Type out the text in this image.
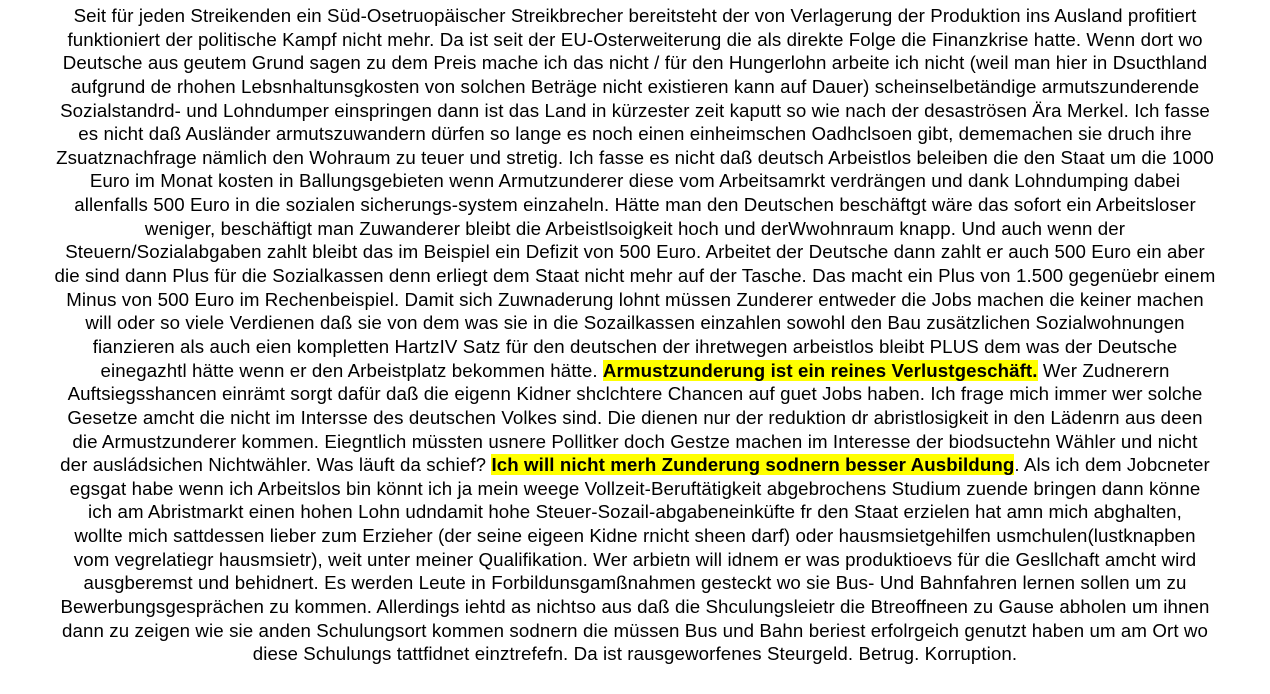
Seit für jeden Streikenden ein Süd-Osetruopäischer Streikbrecher bereitsteht der von Verlagerung der Produktion ins Ausland profitiert
funktioniert der politische Kampf nicht mehr. Da ist seit der EU-Osterweiterung die als direkte Folge die Finanzkrise hatte. Wenn dort wo
Deutsche aus geutem Grund sagen zu dem Preis mache ich das nicht / für den Hungerlohn arbeite ich nicht (weil man hier in Dsucthland
aufgrund de rhohen Lebsnhaltunsgkosten von solchen Beträge nicht existieren kann auf Dauer) scheinselbetändige armutszunderende
Sozialstandrd- und Lohndumper einspringen dann ist das Land in kürzester zeit kaputt so wie nach der desaströsen Ära Merkel. Ich fasse
es nicht daß Ausländer armutszuwandern dürfen so lange es noch einen einheimschen Oadhclsoen gibt, dememachen sie druch ihre
Zsuatznachfrage nämlich den Wohraum zu teuer und stretig. Ich fasse es nicht daß deutsch Arbeistlos beleiben die den Staat um die 1000
Euro im Monat kosten in Ballungsgebieten wenn Armutzunderer diese vom Arbeitsamrkt verdrängen und dank Lohndumping dabei
allenfalls 500 Euro in die sozialen sicherungs-system einzaheln. Hätte man den Deutschen beschäftgt wäre das sofort ein Arbeitsloser
weniger, beschäftigt man Zuwanderer bleibt die Arbeistlsoigkeit hoch und derWwohnraum knapp. Und auch wenn der
Steuern/Sozialabgaben zahlt bleibt das im Beispiel ein Defizit von 500 Euro. Arbeitet der Deutsche dann zahlt er auch 500 Euro ein aber
die sind dann Plus für die Sozialkassen denn erliegt dem Staat nicht mehr auf der Tasche. Das macht ein Plus von 1.500 gegenüebr einem
Minus von 500 Euro im Rechenbeispiel. Damit sich Zuwnaderung lohnt müssen Zunderer entweder die Jobs machen die keiner machen
will oder so viele Verdienen daß sie von dem was sie in die Sozailkassen einzahlen sowohl den Bau zusätzlichen Sozialwohnungen
fianzieren als auch eien kompletten HartzIV Satz für den deutschen der ihretwegen arbeistlos bleibt PLUS dem was der Deutsche
einegazhtl hätte wenn er den Arbeistplatz bekommen hätte. Armustzunderung ist ein reines Verlustgeschäft. Wer Zudnerern
Auftsiegsshancen einrämt sorgt dafür daß die eigenn Kidner shclchtere Chancen auf guet Jobs haben. Ich frage mich immer wer solche
Gesetze amcht die nicht im Intersse des deutschen Volkes sind. Die dienen nur der reduktion dr abristlosigkeit in den Lädenrn aus deen
die Armustzunderer kommen. Eiegntlich müssten usnere Pollitker doch Gestze machen im Interesse der biodsuctehn Wähler und nicht
der ausládsichen Nichtwähler. Was läuft da schief? Ich will nicht merh Zunderung sodnern besser Ausbildung. Als ich dem Jobcneter
egsgat habe wenn ich Arbeitslos bin könnt ich ja mein weege Vollzeit-Beruftätigkeit abgebrochens Studium zuende bringen dann könne
ich am Abristmarkt einen hohen Lohn udndamit hohe Steuer-Sozail-abgabeneinküfte fr den Staat erzielen hat amn mich abghalten,
wollte mich sattdessen lieber zum Erzieher (der seine eigeen Kidne rnicht sheen darf) oder hausmsietgehilfen usmchulen(lustknapben
vom vegrelatiegr hausmsietr), weit unter meiner Qualifikation. Wer arbietn will idnem er was produktioevs für die Gesllchaft amcht wird
ausgberemst und behidnert. Es werden Leute in Forbildunsgamßnahmen gesteckt wo sie Bus- Und Bahnfahren lernen sollen um zu
Bewerbungsgesprächen zu kommen. Allerdings iehtd as nichtso aus daß die Shculungsleietr die Btreoffneen zu Gause abholen um ihnen
dann zu zeigen wie sie anden Schulungsort kommen sodnern die müssen Bus und Bahn beriest erfolrgeich genutzt haben um am Ort wo
diese Schulungs tattfidnet einztrefefn. Da ist rausgeworfenes Steurgeld. Betrug. Korruption.
